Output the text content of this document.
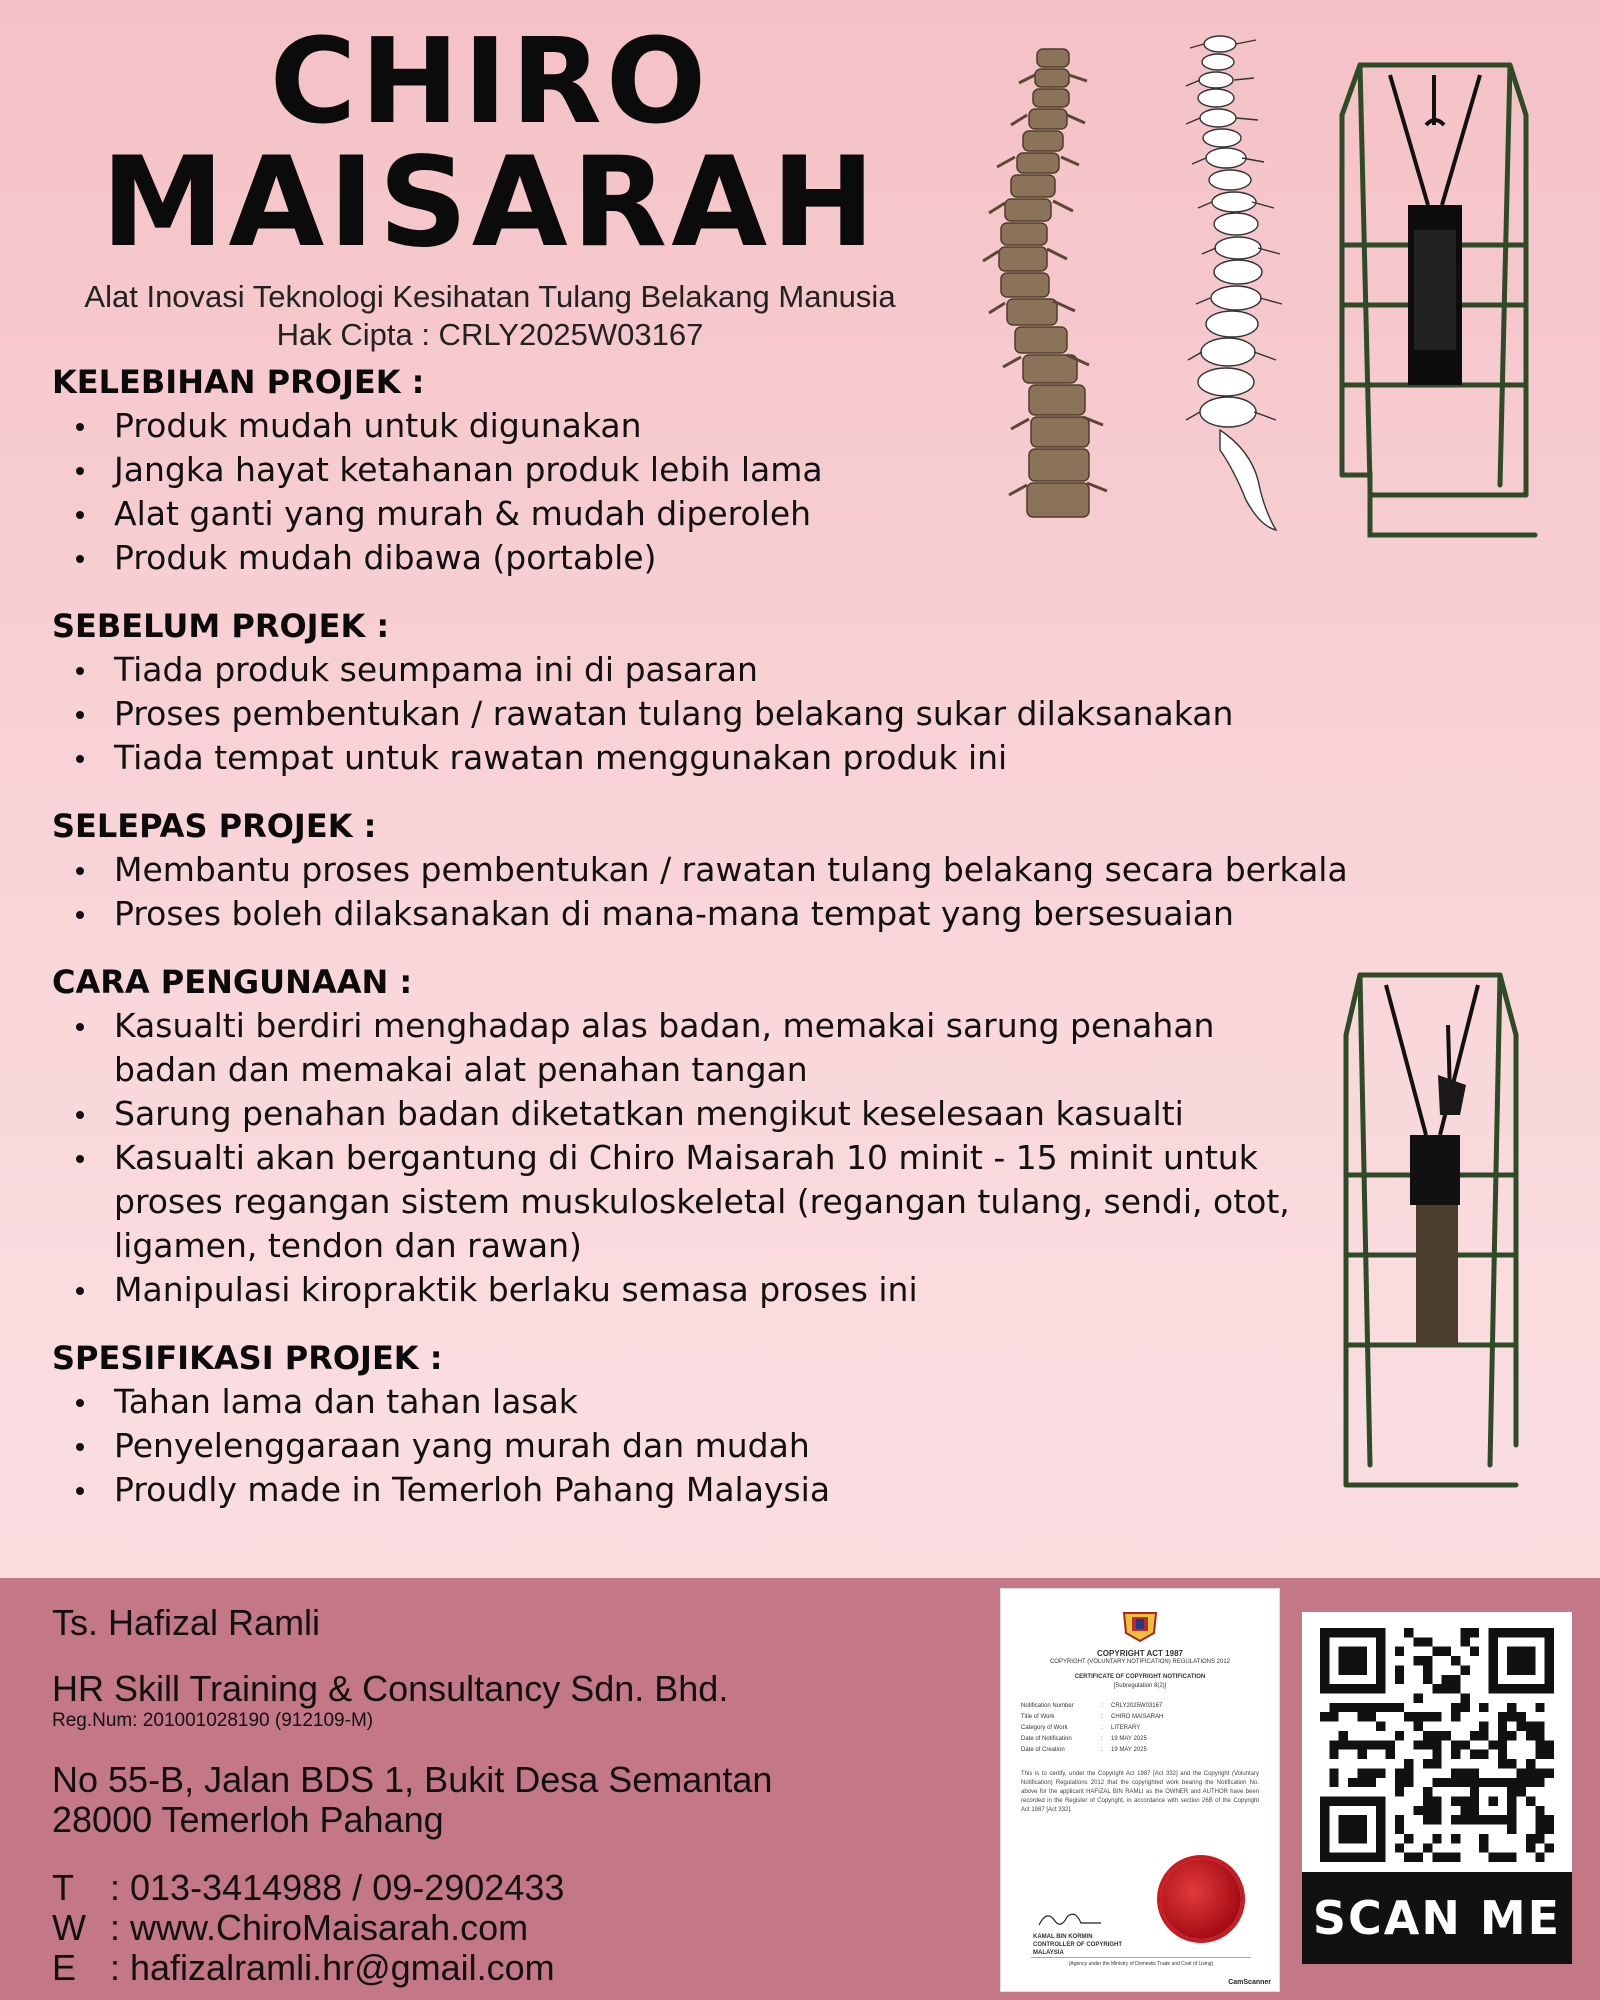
CHIRO
MAISARAH
Alat Inovasi Teknologi Kesihatan Tulang Belakang Manusia
Hak Cipta : CRLY2025W03167
KELEBIHAN PROJEK :
Produk mudah untuk digunakan
Jangka hayat ketahanan produk lebih lama
Alat ganti yang murah & mudah diperoleh
Produk mudah dibawa (portable)
SEBELUM PROJEK :
Tiada produk seumpama ini di pasaran
Proses pembentukan / rawatan tulang belakang sukar dilaksanakan
Tiada tempat untuk rawatan menggunakan produk ini
SELEPAS PROJEK :
Membantu proses pembentukan / rawatan tulang belakang secara berkala
Proses boleh dilaksanakan di mana-mana tempat yang bersesuaian
CARA PENGUNAAN :
Kasualti berdiri menghadap alas badan, memakai sarung penahan badan dan memakai alat penahan tangan
Sarung penahan badan diketatkan mengikut keselesaan kasualti
Kasualti akan bergantung di Chiro Maisarah 10 minit - 15 minit untuk proses regangan sistem muskuloskeletal (regangan tulang, sendi, otot, ligamen, tendon dan rawan)
Manipulasi kiropraktik berlaku semasa proses ini
SPESIFIKASI PROJEK :
Tahan lama dan tahan lasak
Penyelenggaraan yang murah dan mudah
Proudly made in Temerloh Pahang Malaysia
Ts. Hafizal Ramli
HR Skill Training & Consultancy Sdn. Bhd.
Reg.Num: 201001028190 (912109-M)
No 55-B, Jalan BDS 1, Bukit Desa Semantan
28000 Temerloh Pahang
T	: 013-3414988 / 09-2902433
W : www.ChiroMaisarah.com
E : hafizalramli.hr@gmail.com
COPYRIGHT ACT 1987
COPYRIGHT (VOLUNTARY NOTIFICATION) REGULATIONS 2012
CERTIFICATE OF COPYRIGHT NOTIFICATION
[Subregulation 8(2)]
Notification Number	:	CRLY2025W03167
Title of Work	:	CHIRO MAISARAH
Category of Work	:	LITERARY
Date of Notification	:	19 MAY 2025
Date of Creation	:	19 MAY 2025
This is to certify, under the Copyright Act 1987 [Act 332] and the Copyright (Voluntary Notification) Regulations 2012 that the copyrighted work bearing the Notification No. above for the applicant HAFIZAL BIN RAMLI as the OWNER and AUTHOR have been recorded in the Register of Copyright, in accordance with section 26B of the Copyright Act 1987 [Act 332].
KAMAL BIN KORMIN
CONTROLLER OF COPYRIGHT
MALAYSIA
(Agency under the Ministry of Domestic Trade and Cost of Living)
CamScanner
SCAN ME
